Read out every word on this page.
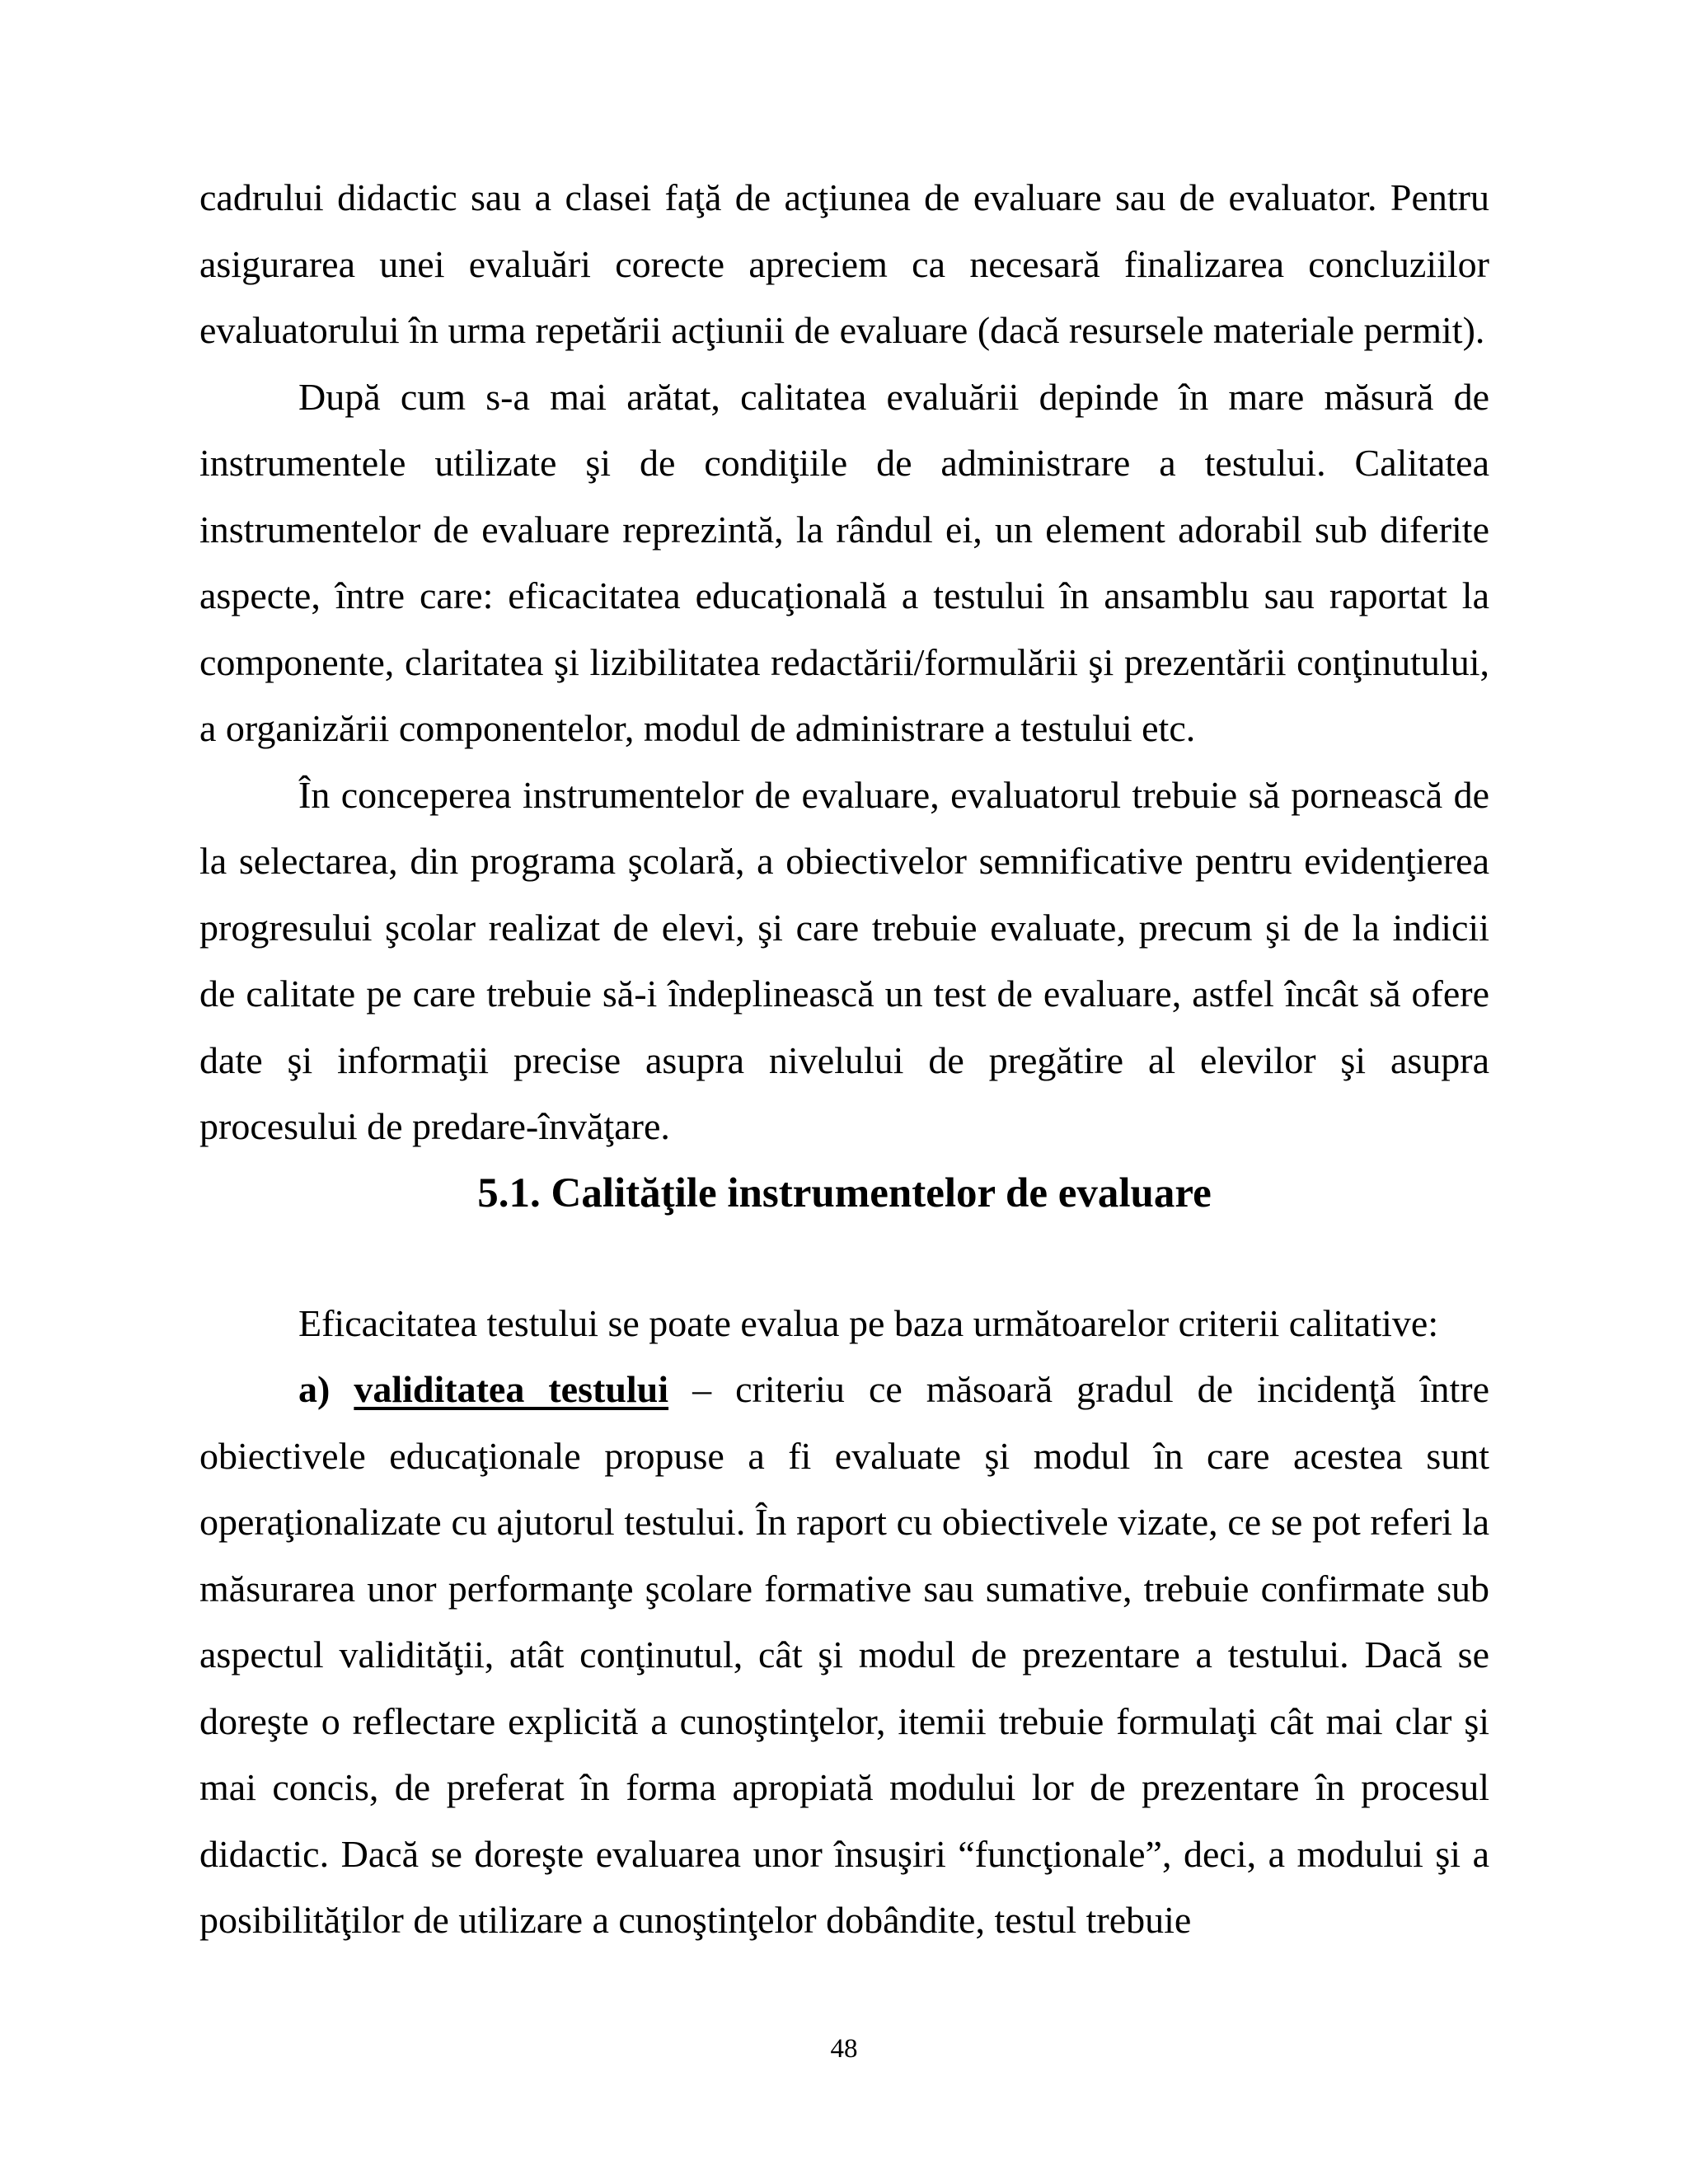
cadrului didactic sau a clasei faţă de acţiunea de evaluare sau de evaluator. Pentru asigurarea unei evaluări corecte apreciem ca necesară finalizarea concluziilor evaluatorului în urma repetării acţiunii de evaluare (dacă resursele materiale permit).

După cum s-a mai arătat, calitatea evaluării depinde în mare măsură de instrumentele utilizate şi de condiţiile de administrare a testului. Calitatea instrumentelor de evaluare reprezintă, la rândul ei, un element adorabil sub diferite aspecte, între care: eficacitatea educaţională a testului în ansamblu sau raportat la componente, claritatea şi lizibilitatea redactării/formulării şi prezentării conţinutului, a organizării componentelor, modul de administrare a testului etc.

În conceperea instrumentelor de evaluare, evaluatorul trebuie să pornească de la selectarea, din programa şcolară, a obiectivelor semnificative pentru evidenţierea progresului şcolar realizat de elevi, şi care trebuie evaluate, precum şi de la indicii de calitate pe care trebuie să-i îndeplinească un test de evaluare, astfel încât să ofere date şi informaţii precise asupra nivelului de pregătire al elevilor şi asupra procesului de predare-învăţare.

5.1. Calităţile instrumentelor de evaluare

Eficacitatea testului se poate evalua pe baza următoarelor criterii calitative:

a) validitatea testului – criteriu ce măsoară gradul de incidenţă între obiectivele educaţionale propuse a fi evaluate şi modul în care acestea sunt operaţionalizate cu ajutorul testului. În raport cu obiectivele vizate, ce se pot referi la măsurarea unor performanţe şcolare formative sau sumative, trebuie confirmate sub aspectul validităţii, atât conţinutul, cât şi modul de prezentare a testului. Dacă se doreşte o reflectare explicită a cunoştinţelor, itemii trebuie formulaţi cât mai clar şi mai concis, de preferat în forma apropiată modului lor de prezentare în procesul didactic. Dacă se doreşte evaluarea unor însuşiri “funcţionale”, deci, a modului şi a posibilităţilor de utilizare a cunoştinţelor dobândite, testul trebuie

48
